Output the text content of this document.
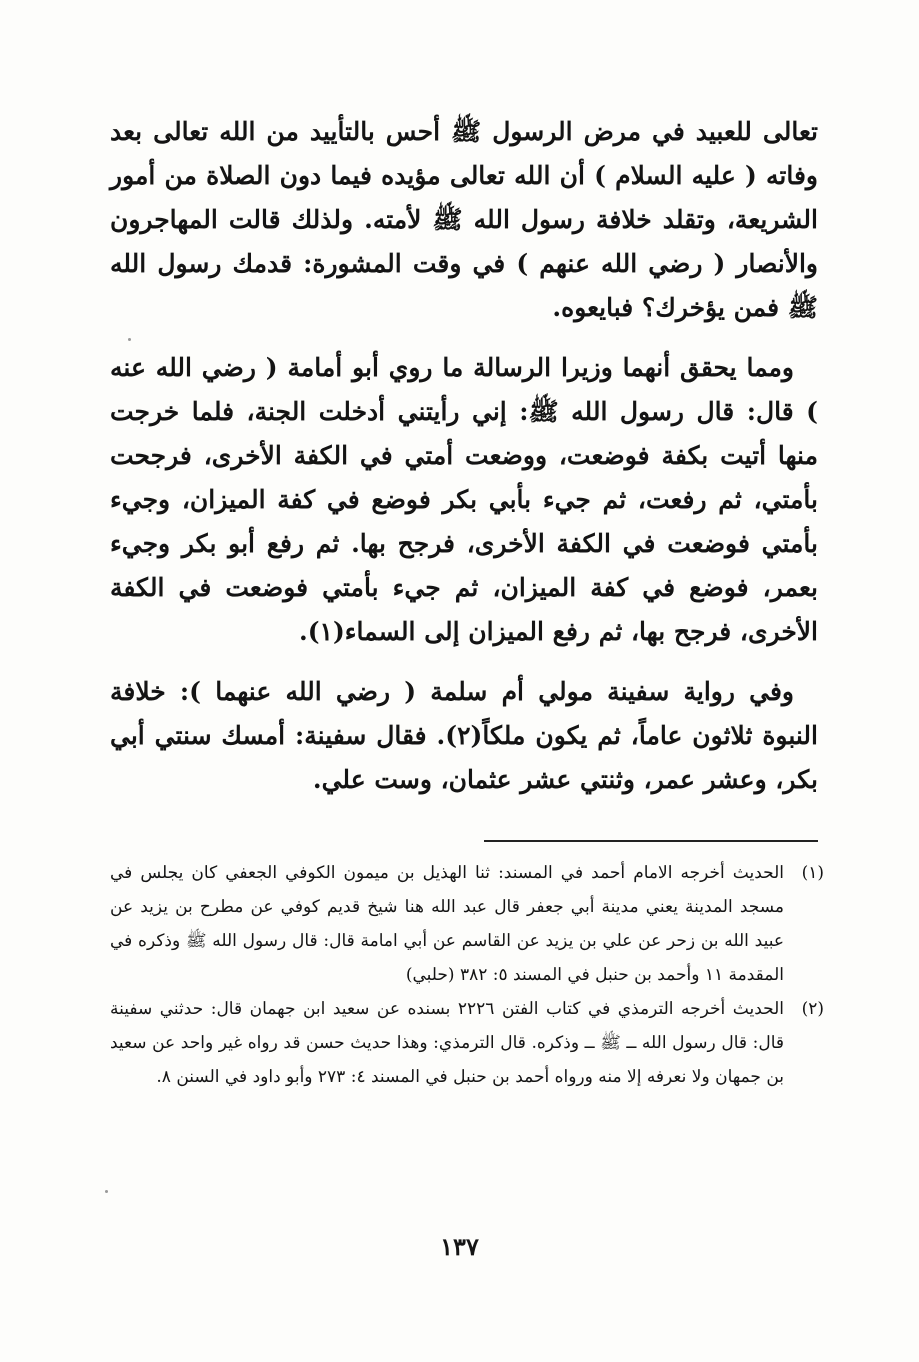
تعالى للعبيد في مرض الرسول ﷺ أحس بالتأييد من الله تعالى بعد وفاته ( عليه السلام ) أن الله تعالى مؤيده فيما دون الصلاة من أمور الشريعة، وتقلد خلافة رسول الله ﷺ لأمته. ولذلك قالت المهاجرون والأنصار ( رضي الله عنهم ) في وقت المشورة: قدمك رسول الله ﷺ فمن يؤخرك؟ فبايعوه.

ومما يحقق أنهما وزيرا الرسالة ما روي أبو أمامة ( رضي الله عنه ) قال: قال رسول الله ﷺ: إني رأيتني أدخلت الجنة، فلما خرجت منها أتيت بكفة فوضعت، ووضعت أمتي في الكفة الأخرى، فرجحت بأمتي، ثم رفعت، ثم جيء بأبي بكر فوضع في كفة الميزان، وجيء بأمتي فوضعت في الكفة الأخرى، فرجح بها. ثم رفع أبو بكر وجيء بعمر، فوضع في كفة الميزان، ثم جيء بأمتي فوضعت في الكفة الأخرى، فرجح بها، ثم رفع الميزان إلى السماء(١).

وفي رواية سفينة مولي أم سلمة ( رضي الله عنهما ): خلافة النبوة ثلاثون عاماً، ثم يكون ملكاً(٢). فقال سفينة: أمسك سنتي أبي بكر، وعشر عمر، وثنتي عشر عثمان، وست علي.

(١)
الحديث أخرجه الامام أحمد في المسند: ثنا الهذيل بن ميمون الكوفي الجعفي كان يجلس في مسجد المدينة يعني مدينة أبي جعفر قال عبد الله هنا شيخ قديم كوفي عن مطرح بن يزيد عن عبيد الله بن زحر عن علي بن يزيد عن القاسم عن أبي امامة قال: قال رسول الله ﷺ وذكره في المقدمة ١١ وأحمد بن حنبل في المسند ٥: ٣٨٢ (حلبي)
(٢)
الحديث أخرجه الترمذي في كتاب الفتن ٢٢٢٦ بسنده عن سعيد ابن جهمان قال: حدثني سفينة قال: قال رسول الله ــ ﷺ ــ وذكره. قال الترمذي: وهذا حديث حسن قد رواه غير واحد عن سعيد بن جمهان ولا نعرفه إلا منه ورواه أحمد بن حنبل في المسند ٤: ٢٧٣ وأبو داود في السنن ٨.
١٣٧
